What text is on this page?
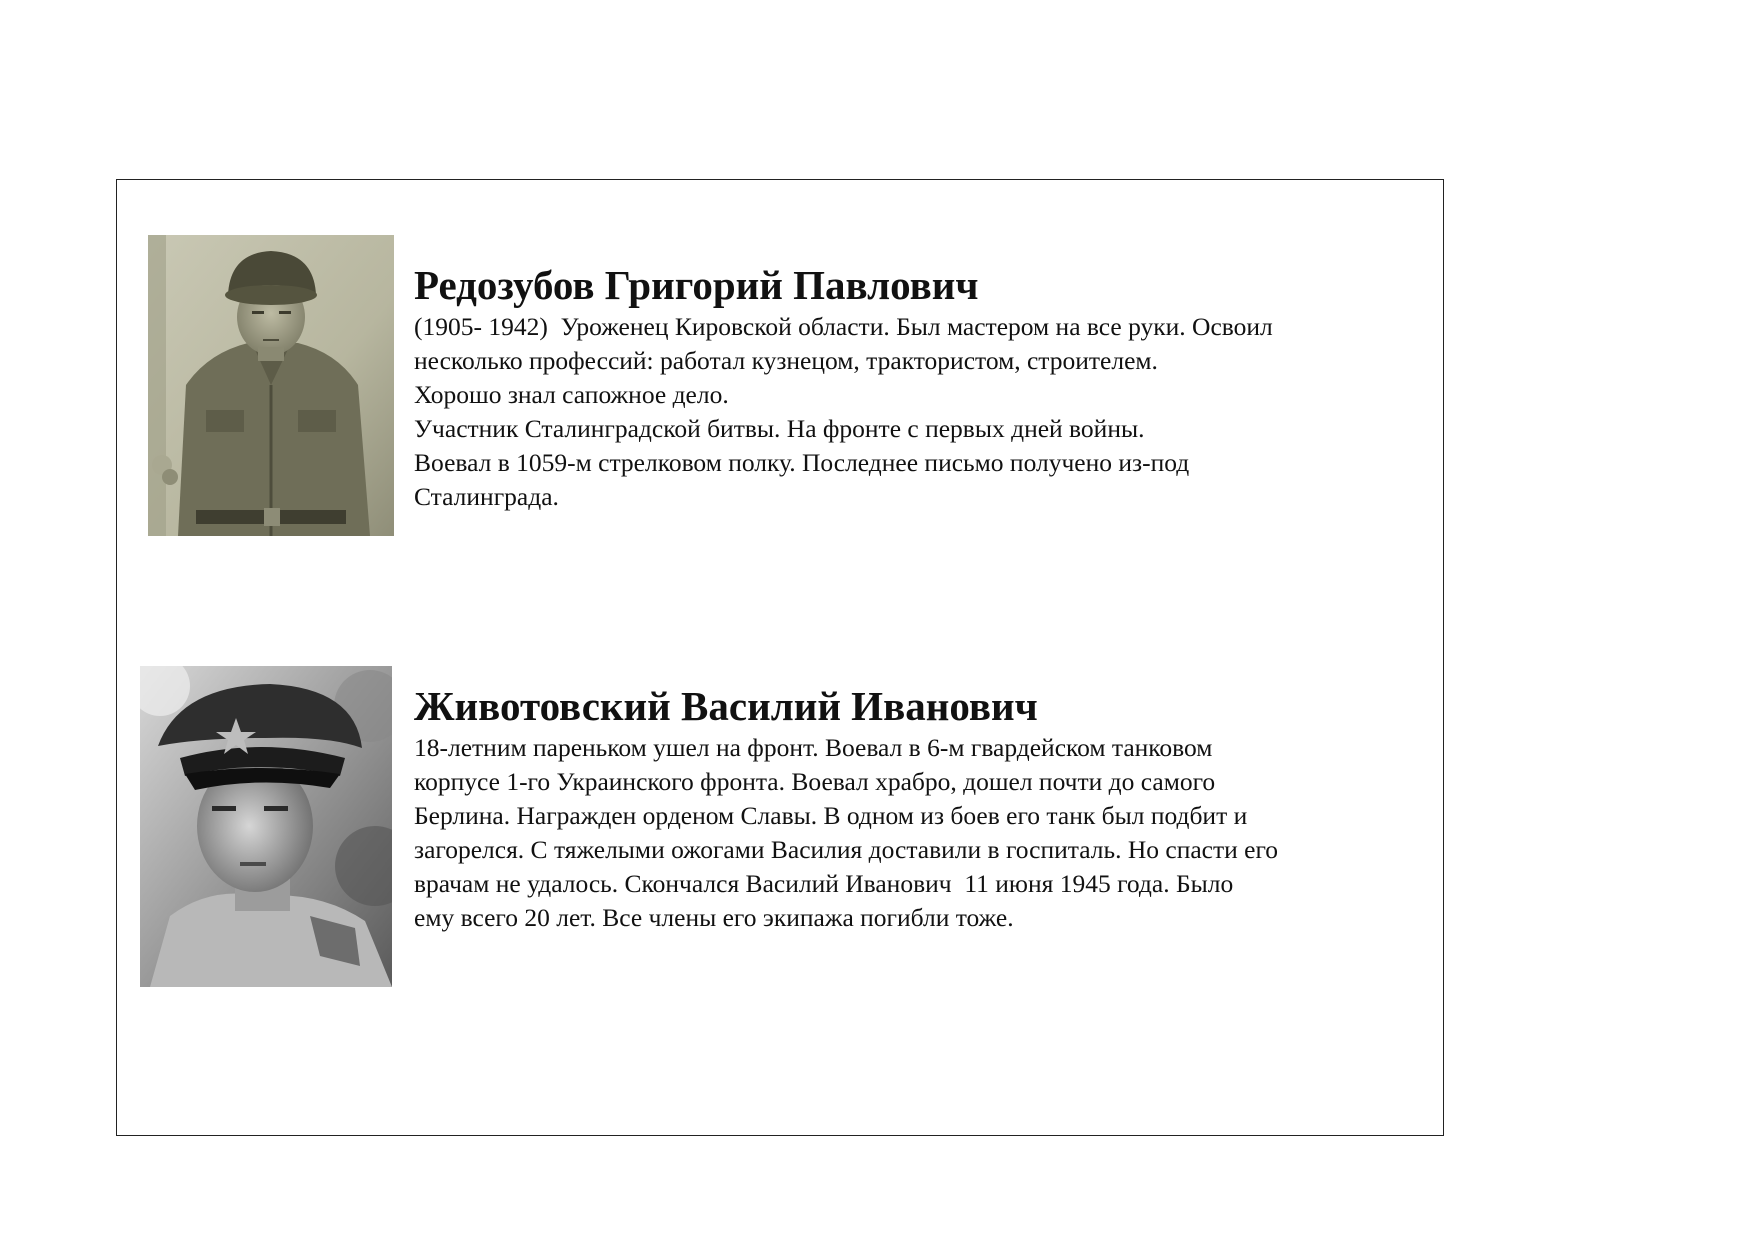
Редозубов Григорий Павлович

(1905- 1942)  Уроженец Кировской области. Был мастером на все руки. Освоил
несколько профессий: работал кузнецом, трактористом, строителем.
Хорошо знал сапожное дело.
Участник Сталинградской битвы. На фронте с первых дней войны.
Воевал в 1059-м стрелковом полку. Последнее письмо получено из-под
Сталинграда.

Животовский Василий Иванович

18-летним пареньком ушел на фронт. Воевал в 6-м гвардейском танковом
корпусе 1-го Украинского фронта. Воевал храбро, дошел почти до самого
Берлина. Награжден орденом Славы. В одном из боев его танк был подбит и
загорелся. С тяжелыми ожогами Василия доставили в госпиталь. Но спасти его
врачам не удалось. Скончался Василий Иванович  11 июня 1945 года. Было
ему всего 20 лет. Все члены его экипажа погибли тоже.
